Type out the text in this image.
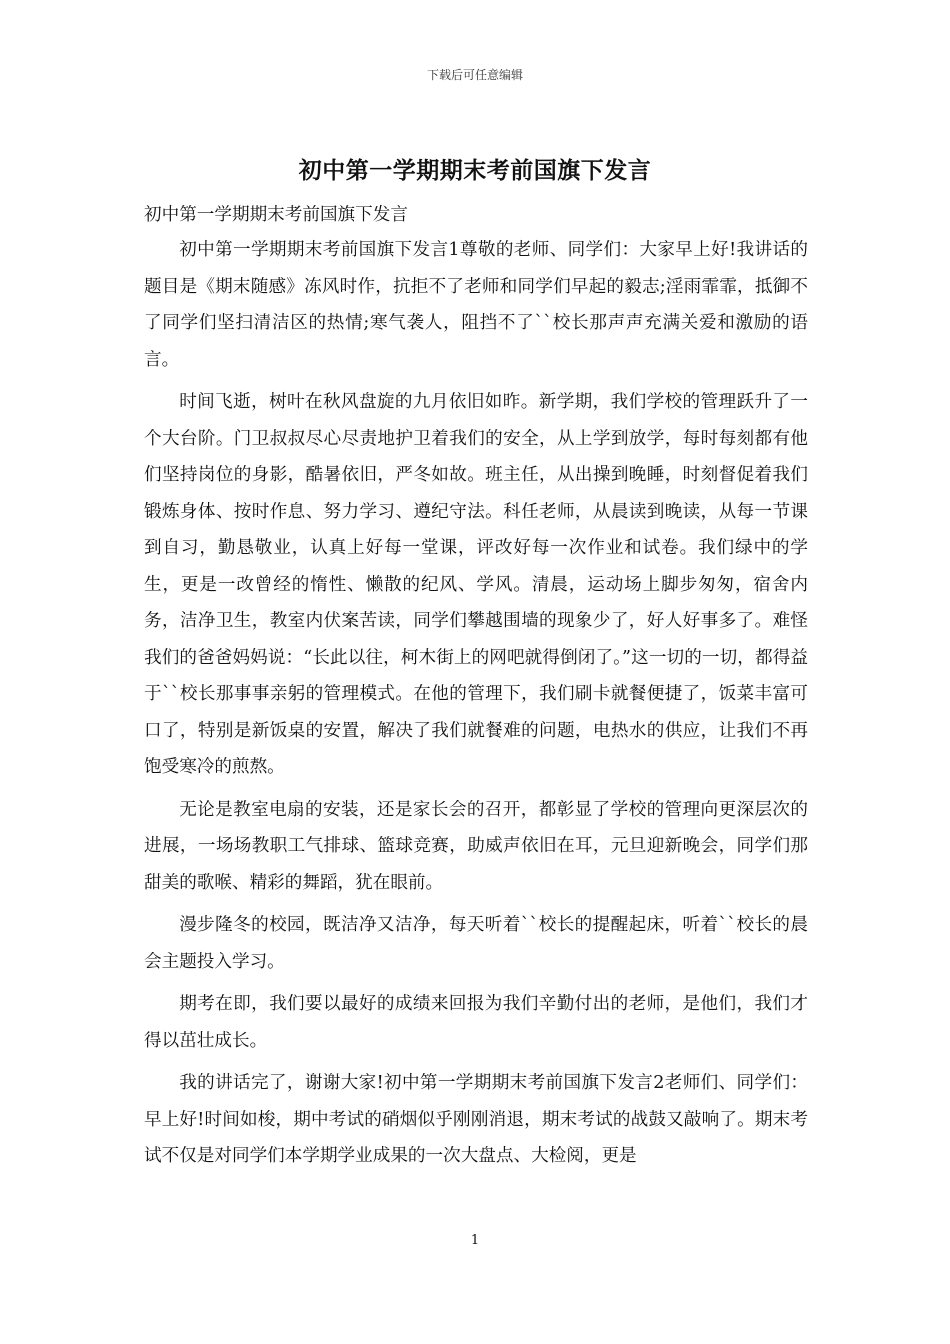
下载后可任意编辑
初中第一学期期末考前国旗下发言
初中第一学期期末考前国旗下发言

初中第一学期期末考前国旗下发言1尊敬的老师、同学们：大家早上好!我讲话的题目是《期末随感》冻风时作，抗拒不了老师和同学们早起的毅志;淫雨霏霏，抵御不了同学们坚扫清洁区的热情;寒气袭人，阻挡不了``校长那声声充满关爱和激励的语言。

时间飞逝，树叶在秋风盘旋的九月依旧如昨。新学期，我们学校的管理跃升了一个大台阶。门卫叔叔尽心尽责地护卫着我们的安全，从上学到放学，每时每刻都有他们坚持岗位的身影，酷暑依旧，严冬如故。班主任，从出操到晚睡，时刻督促着我们锻炼身体、按时作息、努力学习、遵纪守法。科任老师，从晨读到晚读，从每一节课到自习，勤恳敬业，认真上好每一堂课，评改好每一次作业和试卷。我们绿中的学生，更是一改曾经的惰性、懒散的纪风、学风。清晨，运动场上脚步匆匆，宿舍内务，洁净卫生，教室内伏案苦读，同学们攀越围墙的现象少了，好人好事多了。难怪我们的爸爸妈妈说：“长此以往，柯木街上的网吧就得倒闭了。”这一切的一切，都得益于``校长那事事亲躬的管理模式。在他的管理下，我们刷卡就餐便捷了，饭菜丰富可口了，特别是新饭桌的安置，解决了我们就餐难的问题，电热水的供应，让我们不再饱受寒冷的煎熬。

无论是教室电扇的安装，还是家长会的召开，都彰显了学校的管理向更深层次的进展，一场场教职工气排球、篮球竞赛，助威声依旧在耳，元旦迎新晚会，同学们那甜美的歌喉、精彩的舞蹈，犹在眼前。

漫步隆冬的校园，既洁净又洁净，每天听着``校长的提醒起床，听着``校长的晨会主题投入学习。

期考在即，我们要以最好的成绩来回报为我们辛勤付出的老师，是他们，我们才得以茁壮成长。

我的讲话完了，谢谢大家!初中第一学期期末考前国旗下发言2老师们、同学们：早上好!时间如梭，期中考试的硝烟似乎刚刚消退，期末考试的战鼓又敲响了。期末考试不仅是对同学们本学期学业成果的一次大盘点、大检阅，更是

1
